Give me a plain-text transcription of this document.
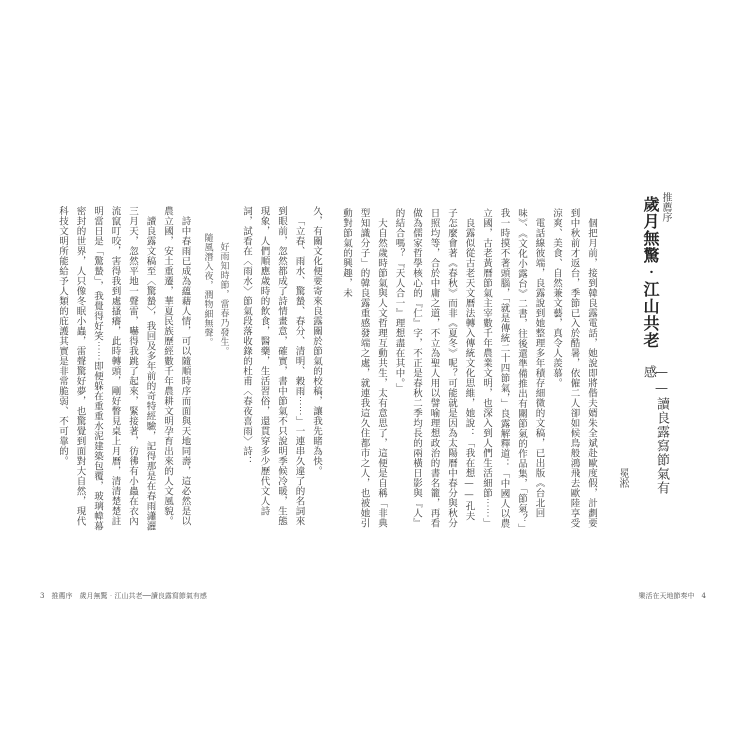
推薦序
歲月無驚‧江山共老
——讀良露寫節氣有感
冕淞

個把月前，接到韓良露電話，她說即將偕夫婿朱全斌赴歐度假，計劃要到中秋前才返台，季節已入於酷暑，依僱二人卻如候鳥般鴻飛去歐陸享受涼爽、美食、自然兼文藝，真令人羨慕。

電話線彼端，良露說到她整理多年積存細微的文稿，已出版《台北回味》、《文化小露台》二書，往後還準備推出有關節氣的作品集，「節氣？」我一時摸不著頭腦，「就是傳統二十四節氣，」良露解釋道：「中國人以農立國，古老黃曆節氣主宰數千年農業文明，也深入到人們生活細節⋯⋯」

良露似從古老天文曆法轉入傳統文化思維，她說：「我在想——孔夫子怎麼會著《春秋》而非《夏冬》呢？可能就是因為太陽曆中春分與秋分日照均等，合於中庸之道，不立為聖人用以譬喻理想政治的書名籠，再看做為儒家哲學核心的『仁』字，不正是春秋二季均長的兩橫日影與『人』的結合嗎？『天人合一』理想盡在其中。」

大自然歲時節氣與人文哲理互動共生，太有意思了，這便是自稱「非典型知識分子」的韓良露重感發端之處，就連我這久住都市之人，也被她引動對節氣的興趣，未

久，有關文化便要寄來良露關於節氣的校稿，讓我先睹為快。

「立春、雨水、驚蟄、春分、清明、穀雨⋯⋯」一連串久違了的名詞來到眼前，忽然都成了詩情畫意，確實，書中節氣不只說明季候冷暖，生態現象，人們順應歲時的飲食，醫藥，生活習俗，還貫穿多少歷代文人詩詞，試看在〈雨水〉節氣段落收錄的杜甫〈春夜喜雨〉詩：

好雨知時節，當春乃發生。

隨風潛入夜，潤物細無聲。

詩中春雨已成為蘊藉人情，可以隨順時序而面與天地同壽，這必然是以農立國，安土重遷，華夏民族歷經數千年農耕文明孕育出來的人文風貌。

讀良露文稿至〈驚蟄〉，我回及多年前的奇特經驗，記得那是在春雨瀟灑三月天，忽然平地一聲雷，嚇得我跳了起來，緊接著，彷彿有小蟲在衣內流竄叮咬，害得我到處搔癢，此時轉頭，剛好瞥見桌上月曆，清清楚楚註明當日是「驚蟄」，我覺得好笑⋯⋯即便躲在重重水泥建築包覆，玻璃幃幕密封的世界，人只像冬眠小蟲，雷聲驚好夢，也驚覺到面對大自然，現代科技文明所能給予人類的庇護其實是非常脆弱、不可靠的。

3　推薦序　歲月無驚‧江山共老──讀良露寫節氣有感	樂活在天地節奏中　4
